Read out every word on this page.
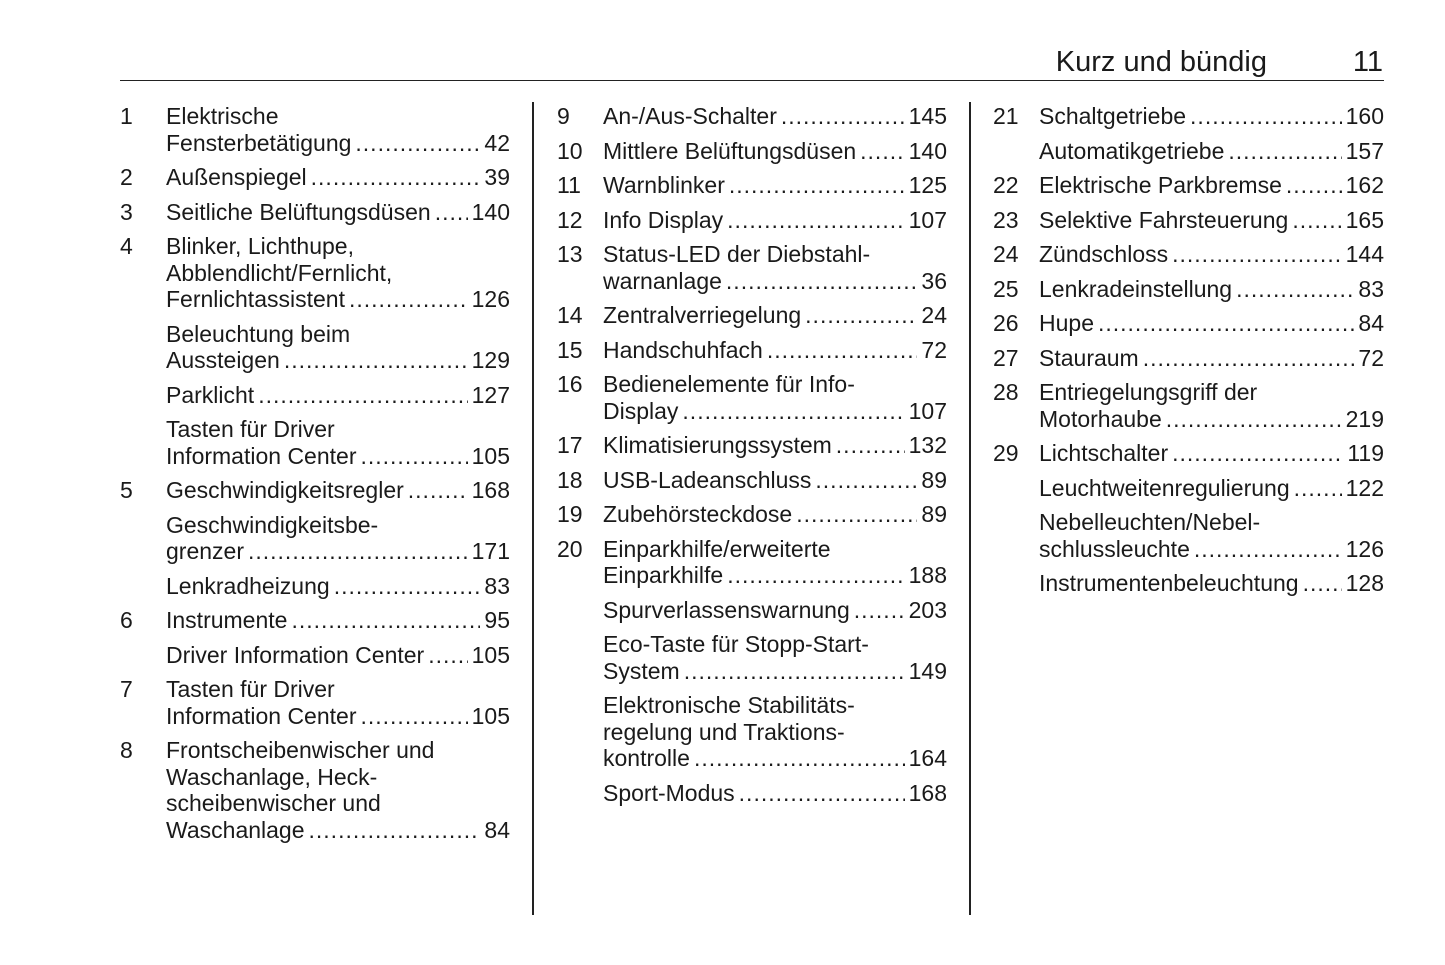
Kurz und bündig	11
1 Elektrische
Fensterbetätigung .....	42
2 Außenspiegel .....	39
3 Seitliche Belüftungsdüsen ..... 140
4 Blinker, Lichthupe,
Abblendlicht/Fernlicht,
Fernlichtassistent .....	126
Beleuchtung beim
Aussteigen .....	129
Parklicht .....	127
Tasten für Driver
Information Center .....	105
5 Geschwindigkeitsregler .....	168
Geschwindigkeitsbe-
grenzer .....	171
Lenkradheizung .....	83
6 Instrumente .....	95
Driver Information Center ..... 105
7 Tasten für Driver
Information Center .....	105
8 Frontscheibenwischer und
Waschanlage, Heck-
scheibenwischer und
Waschanlage .....	84
9 An-/Aus-Schalter .....	145
10 Mittlere Belüftungsdüsen ..... 140
11 Warnblinker .....	125
12 Info Display .....	107
13 Status-LED der Diebstahl-
warnanlage .....	36
14 Zentralverriegelung .....	24
15 Handschuhfach .....	72
16 Bedienelemente für Info-
Display .....	107
17 Klimatisierungssystem .....	132
18 USB-Ladeanschluss .....	89
19 Zubehörsteckdose .....	89
20 Einparkhilfe/erweiterte
Einparkhilfe .....	188
Spurverlassenswarnung .....	203
Eco-Taste für Stopp-Start-
System .....	149
Elektronische Stabilitäts-
regelung und Traktions-
kontrolle .....	164
Sport-Modus .....	168
21 Schaltgetriebe .....	160
Automatikgetriebe .....	157
22 Elektrische Parkbremse .....	162
23 Selektive Fahrsteuerung ..... 165
24 Zündschloss .....	144
25 Lenkradeinstellung .....	83
26 Hupe .....	84
27 Stauraum .....	72
28 Entriegelungsgriff der
Motorhaube .....	219
29 Lichtschalter .....	119
Leuchtweitenregulierung ..... 122
Nebelleuchten/Nebel-
schlussleuchte .....	126
Instrumentenbeleuchtung ..... 128
